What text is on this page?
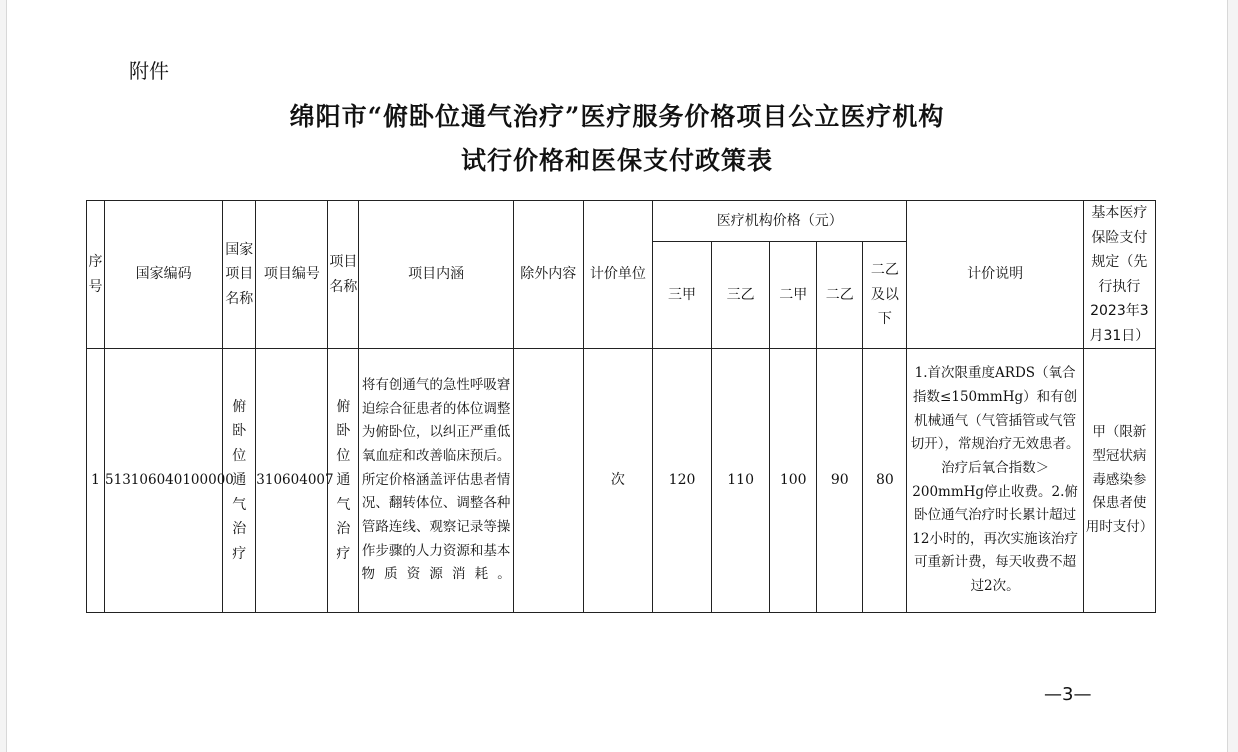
附件
绵阳市“俯卧位通气治疗”医疗服务价格项目公立医疗机构
试行价格和医保支付政策表
序号	国家编码	国家项目名称	项目编号	项目名称	项目内涵	除外内容	计价单位	医疗机构价格（元）					计价说明	基本医疗保险支付规定（先行执行2023年3月31日）

								三甲	三乙	二甲	二乙	二乙及以下		

1	513106040100000	俯卧位通气治疗	310604007	俯卧位通气治疗	将有创通气的急性呼吸窘迫综合征患者的体位调整为俯卧位，以纠正严重低氧血症和改善临床预后。所定价格涵盖评估患者情况、翻转体位、调整各种管路连线、观察记录等操作步骤的人力资源和基本物质资源消耗。		次	120	110	100	90	80	1.首次限重度ARDS（氧合指数≤150mmHg）和有创机械通气（气管插管或气管切开），常规治疗无效患者。治疗后氧合指数＞200mmHg停止收费。2.俯卧位通气治疗时长累计超过12小时的，再次实施该治疗可重新计费，每天收费不超过2次。	甲（限新型冠状病毒感染参保患者使用时支付）
—3—
